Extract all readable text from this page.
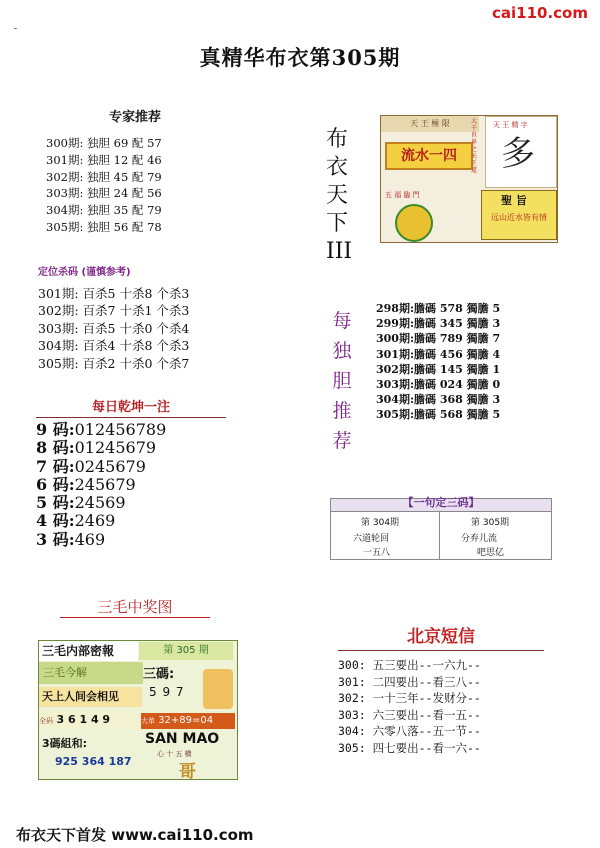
cai110.com
-
真精华布衣第305期
专家推荐
300期: 独胆 69 配 57
301期: 独胆 12 配 46
302期: 独胆 45 配 79
303期: 独胆 24 配 56
304期: 独胆 35 配 79
305期: 独胆 56 配 78
定位杀码 (谨慎参考)
301期: 百杀5 十杀8 个杀3
302期: 百杀7 十杀1 个杀3
303期: 百杀5 十杀0 个杀4
304期: 百杀4 十杀8 个杀3
305期: 百杀2 十杀0 个杀7
每日乾坤一注
9 码:012456789
8 码:01245679
7 码:0245679
6 码:245679
5 码:24569
4 码:2469
3 码:469
三毛中奖图
三毛内部密報	第 305 期
三毛今解	三碼:
5 9 7
天上人间会相见
全码 3 6 1 4 9	大单 32+89=04
3碼組和:
925 364 187
SAN MAO
心 十 五 横
哥
布
衣
天
下
III
天 王 極 限
流水一四
大千世界之天王道
天 王 精 字
多
五 福 臨 門	聖 旨
远山近水皆有情
每
独
胆
推
荐
298期:膽碼 578 獨膽 5
299期:膽碼 345 獨膽 3
300期:膽碼 789 獨膽 7
301期:膽碼 456 獨膽 4
302期:膽碼 145 獨膽 1
303期:膽碼 024 獨膽 0
304期:膽碼 368 獨膽 3
305期:膽碼 568 獨膽 5
【一句定三码】
第 304期	第 305期
六道轮回	分弃儿流
一五八	吧思亿
北京短信
300: 五三要出--一六九--
301: 二四要出--看三八--
302: 一十三年--发财分--
303: 六三要出--看一五--
304: 六零八落--五一节--
305: 四七要出--看一六--
布衣天下首发 www.cai110.com
